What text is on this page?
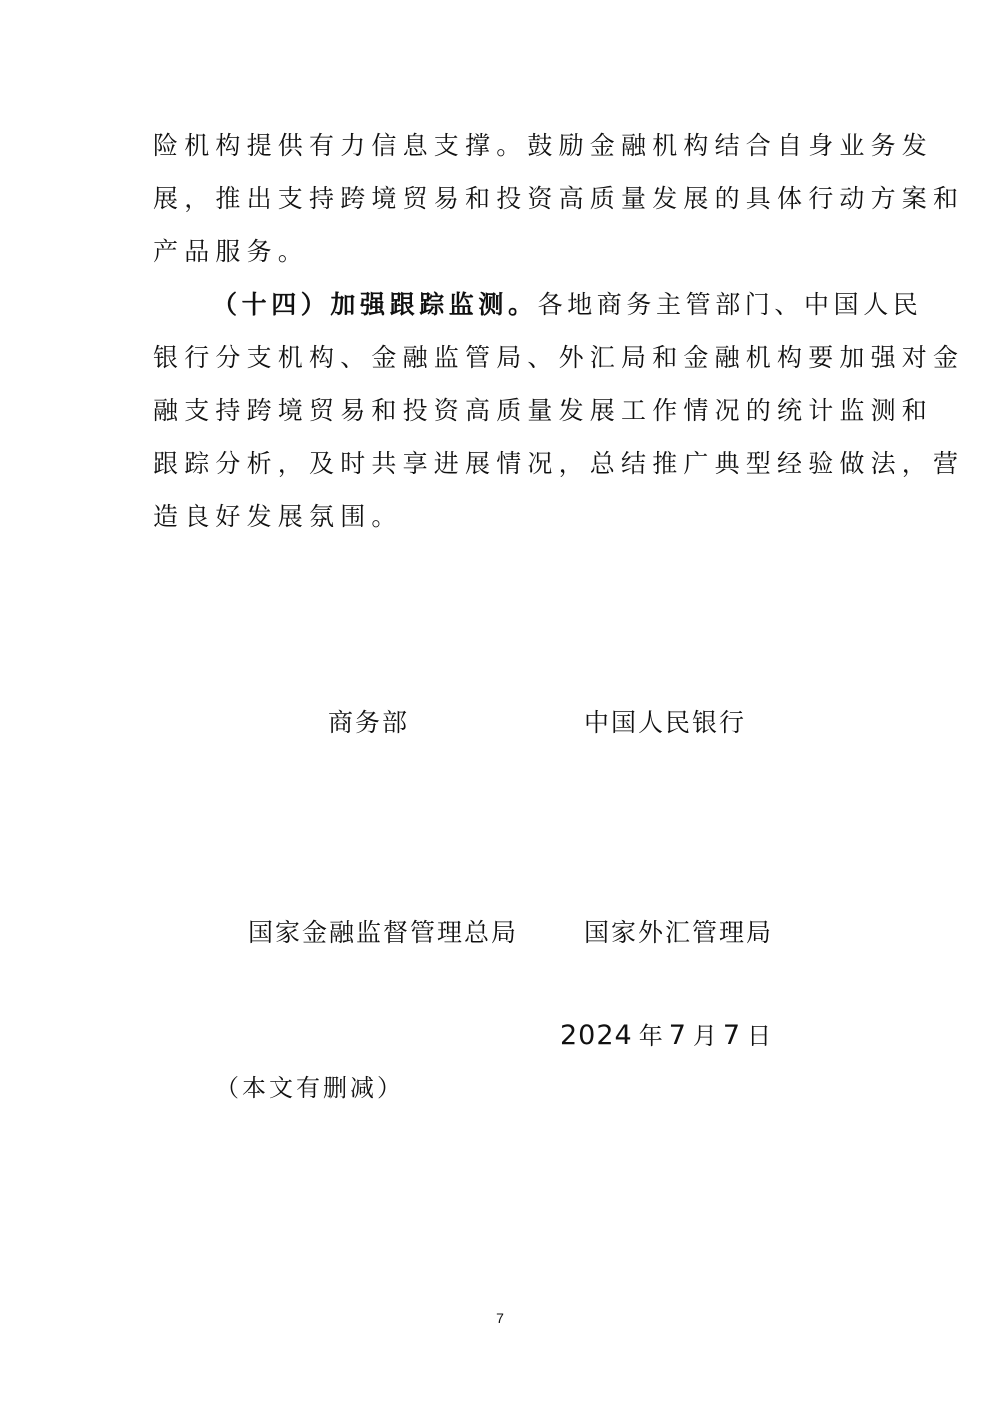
险机构提供有力信息支撑。鼓励金融机构结合自身业务发
展，推出支持跨境贸易和投资高质量发展的具体行动方案和
产品服务。
（十四）加强跟踪监测。各地商务主管部门、中国人民
银行分支机构、金融监管局、外汇局和金融机构要加强对金
融支持跨境贸易和投资高质量发展工作情况的统计监测和
跟踪分析，及时共享进展情况，总结推广典型经验做法，营
造良好发展氛围。
商务部	中国人民银行
国家金融监督管理总局	国家外汇管理局
2024 年 7 月 7 日
（本文有删减）
7
